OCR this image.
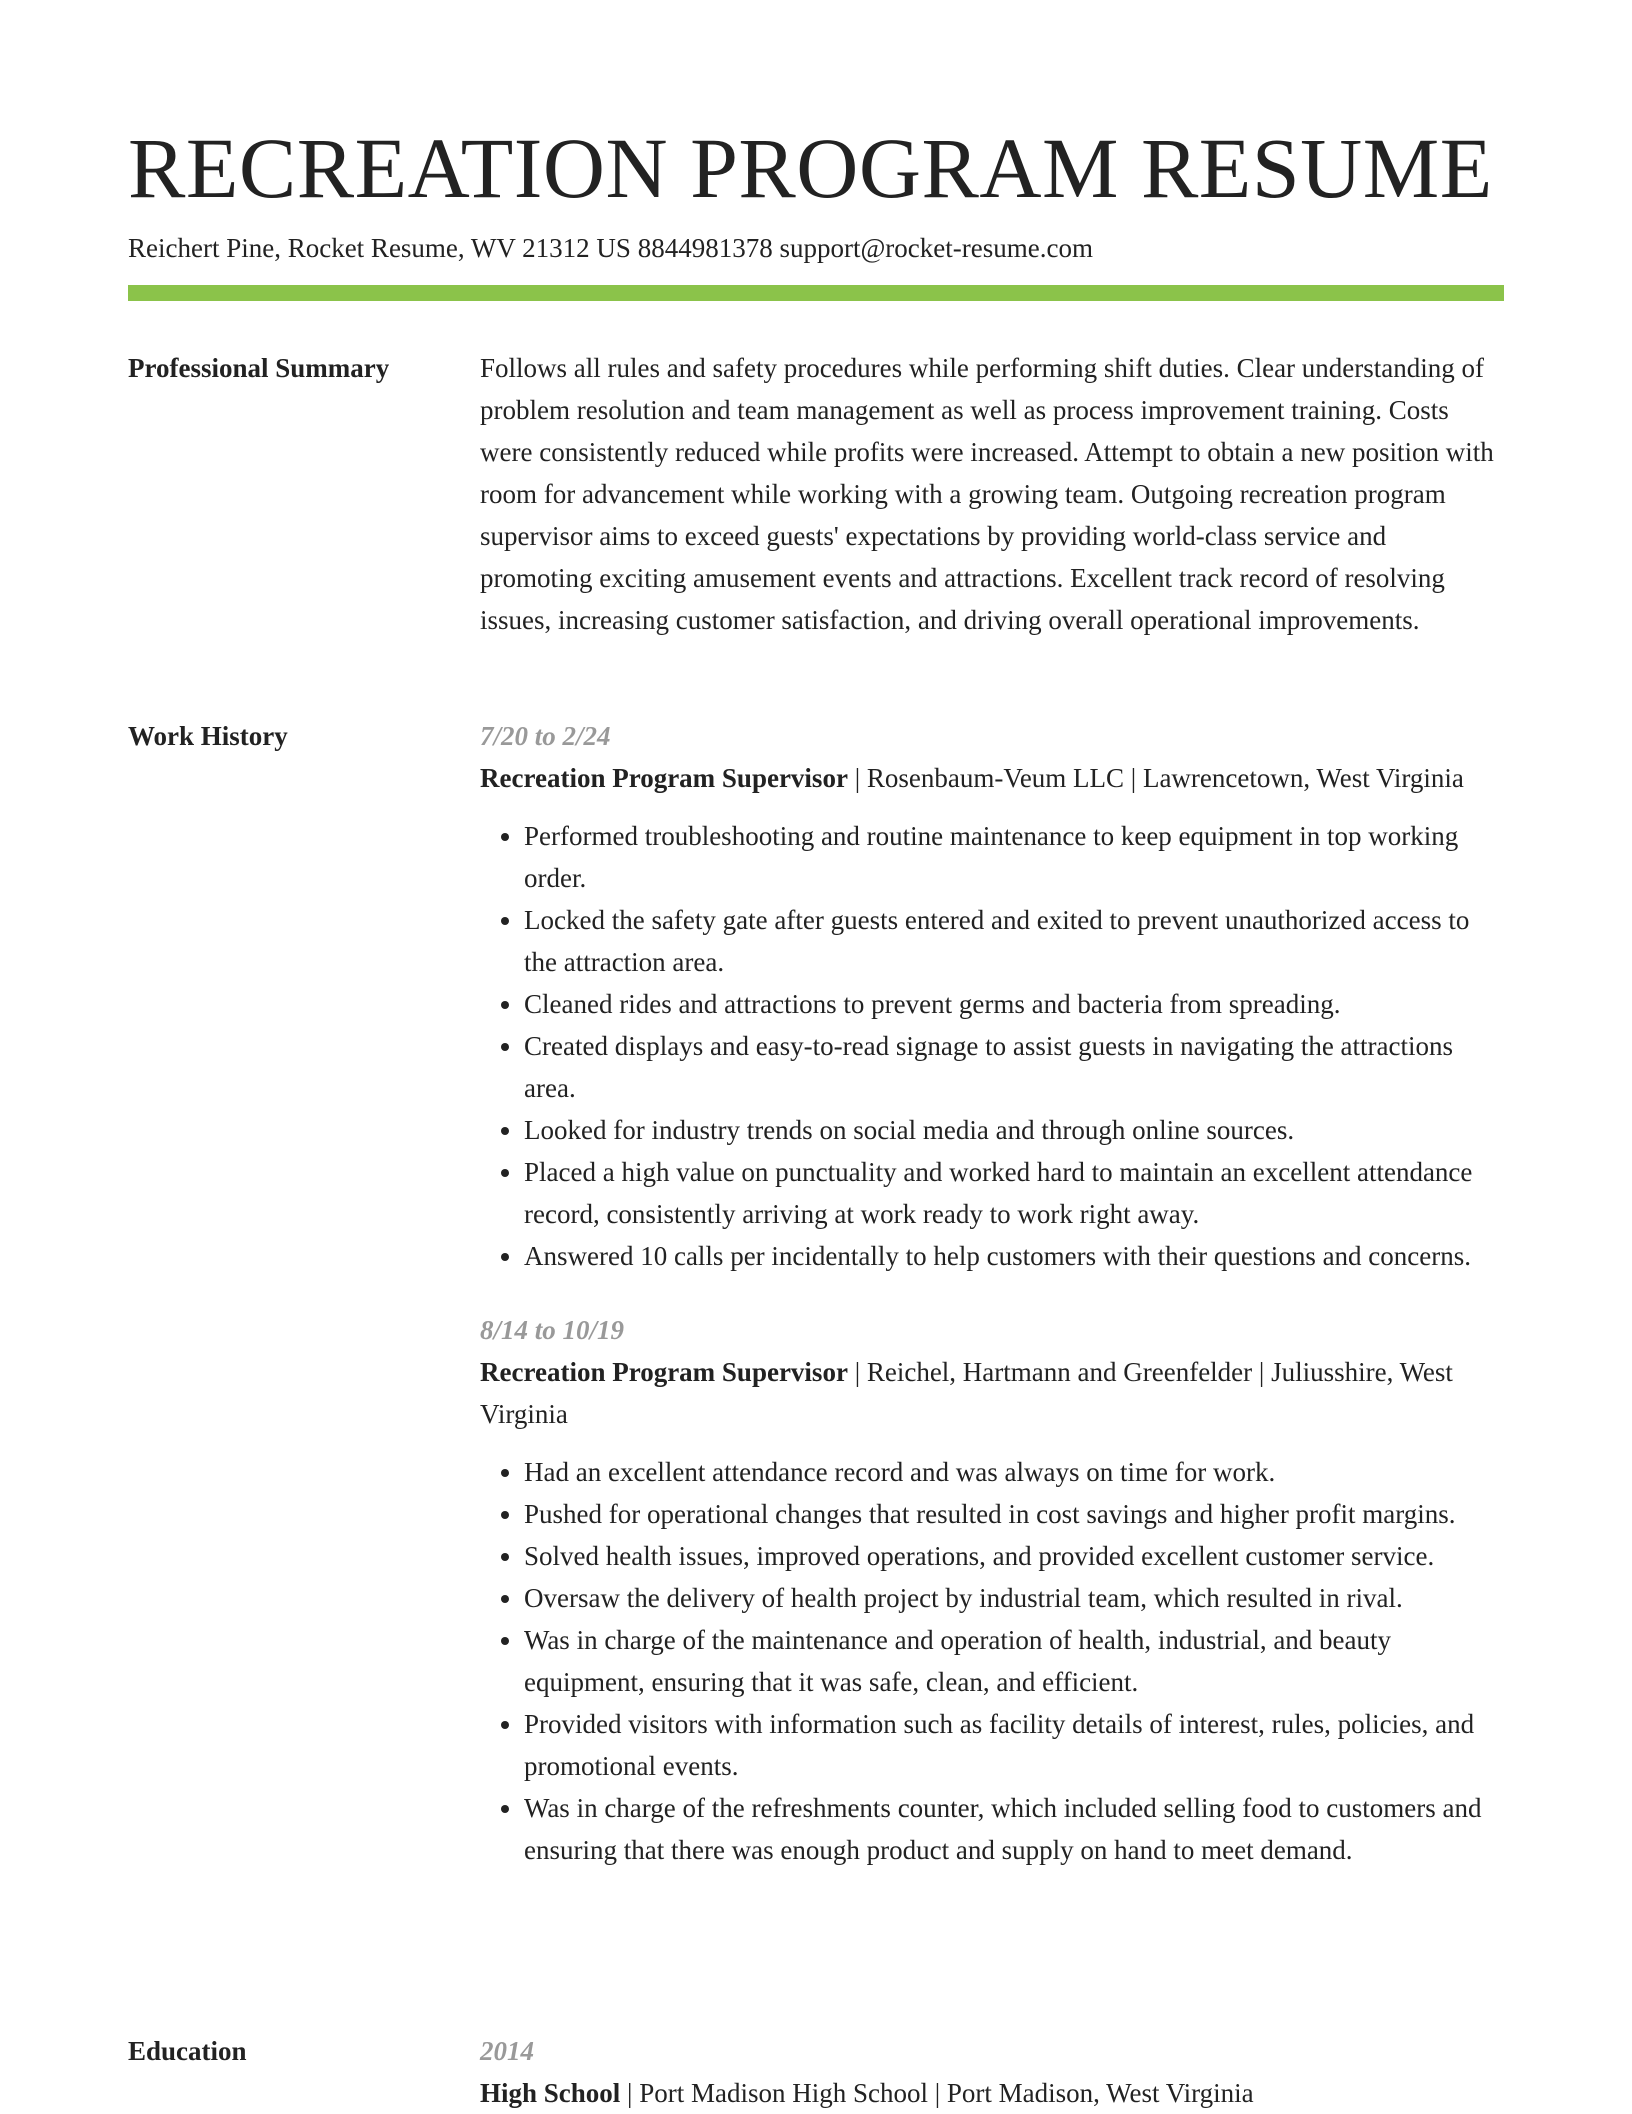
RECREATION PROGRAM RESUME
Reichert Pine, Rocket Resume, WV 21312 US 8844981378 support@rocket-resume.com
Professional Summary	Follows all rules and safety procedures while performing shift duties. Clear understanding of problem resolution and team management as well as process improvement training. Costs were consistently reduced while profits were increased. Attempt to obtain a new position with room for advancement while working with a growing team. Outgoing recreation program supervisor aims to exceed guests' expectations by providing world-class service and promoting exciting amusement events and attractions. Excellent track record of resolving issues, increasing customer satisfaction, and driving overall operational improvements.

Work History	7/20 to 2/24
Recreation Program Supervisor | Rosenbaum-Veum LLC | Lawrencetown, West Virginia
• Performed troubleshooting and routine maintenance to keep equipment in top working order.
• Locked the safety gate after guests entered and exited to prevent unauthorized access to the attraction area.
• Cleaned rides and attractions to prevent germs and bacteria from spreading.
• Created displays and easy-to-read signage to assist guests in navigating the attractions area.
• Looked for industry trends on social media and through online sources.
• Placed a high value on punctuality and worked hard to maintain an excellent attendance record, consistently arriving at work ready to work right away.
• Answered 10 calls per incidentally to help customers with their questions and concerns.
8/14 to 10/19
Recreation Program Supervisor | Reichel, Hartmann and Greenfelder | Juliusshire, West Virginia
• Had an excellent attendance record and was always on time for work.
• Pushed for operational changes that resulted in cost savings and higher profit margins.
• Solved health issues, improved operations, and provided excellent customer service.
• Oversaw the delivery of health project by industrial team, which resulted in rival.
• Was in charge of the maintenance and operation of health, industrial, and beauty equipment, ensuring that it was safe, clean, and efficient.
• Provided visitors with information such as facility details of interest, rules, policies, and promotional events.
• Was in charge of the refreshments counter, which included selling food to customers and ensuring that there was enough product and supply on hand to meet demand.
Education	2014
High School | Port Madison High School | Port Madison, West Virginia
